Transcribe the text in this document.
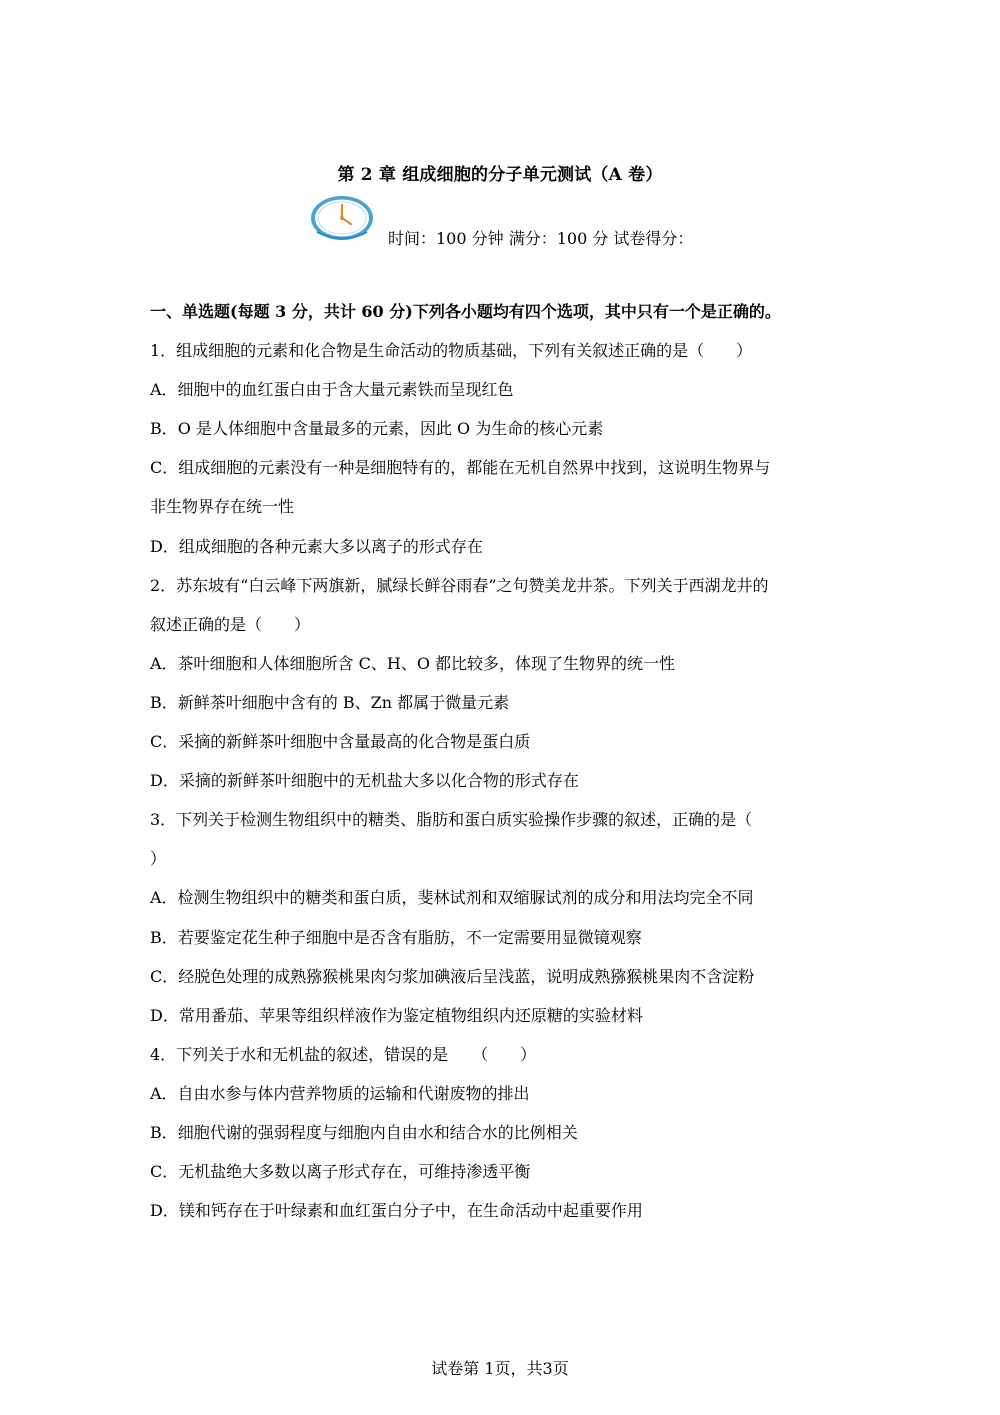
第 2 章 组成细胞的分子单元测试（A 卷）
时间：100 分钟 满分：100 分 试卷得分：
一、单选题(每题 3 分，共计 60 分)下列各小题均有四个选项，其中只有一个是正确的。
1．组成细胞的元素和化合物是生命活动的物质基础，下列有关叙述正确的是（　　）
A．细胞中的血红蛋白由于含大量元素铁而呈现红色
B．O 是人体细胞中含量最多的元素，因此 O 为生命的核心元素
C．组成细胞的元素没有一种是细胞特有的，都能在无机自然界中找到，这说明生物界与
非生物界存在统一性
D．组成细胞的各种元素大多以离子的形式存在
2．苏东坡有“白云峰下两旗新，腻绿长鲜谷雨春”之句赞美龙井茶。下列关于西湖龙井的
叙述正确的是（　　）
A．茶叶细胞和人体细胞所含 C、H、O 都比较多，体现了生物界的统一性
B．新鲜茶叶细胞中含有的 B、Zn 都属于微量元素
C．采摘的新鲜茶叶细胞中含量最高的化合物是蛋白质
D．采摘的新鲜茶叶细胞中的无机盐大多以化合物的形式存在
3．下列关于检测生物组织中的糖类、脂肪和蛋白质实验操作步骤的叙述，正确的是（
）
A．检测生物组织中的糖类和蛋白质，斐林试剂和双缩脲试剂的成分和用法均完全不同
B．若要鉴定花生种子细胞中是否含有脂肪，不一定需要用显微镜观察
C．经脱色处理的成熟猕猴桃果肉匀浆加碘液后呈浅蓝，说明成熟猕猴桃果肉不含淀粉
D．常用番茄、苹果等组织样液作为鉴定植物组织内还原糖的实验材料
4．下列关于水和无机盐的叙述，错误的是　　（　　）
A．自由水参与体内营养物质的运输和代谢废物的排出
B．细胞代谢的强弱程度与细胞内自由水和结合水的比例相关
C．无机盐绝大多数以离子形式存在，可维持渗透平衡
D．镁和钙存在于叶绿素和血红蛋白分子中，在生命活动中起重要作用
试卷第 1页，共3页
